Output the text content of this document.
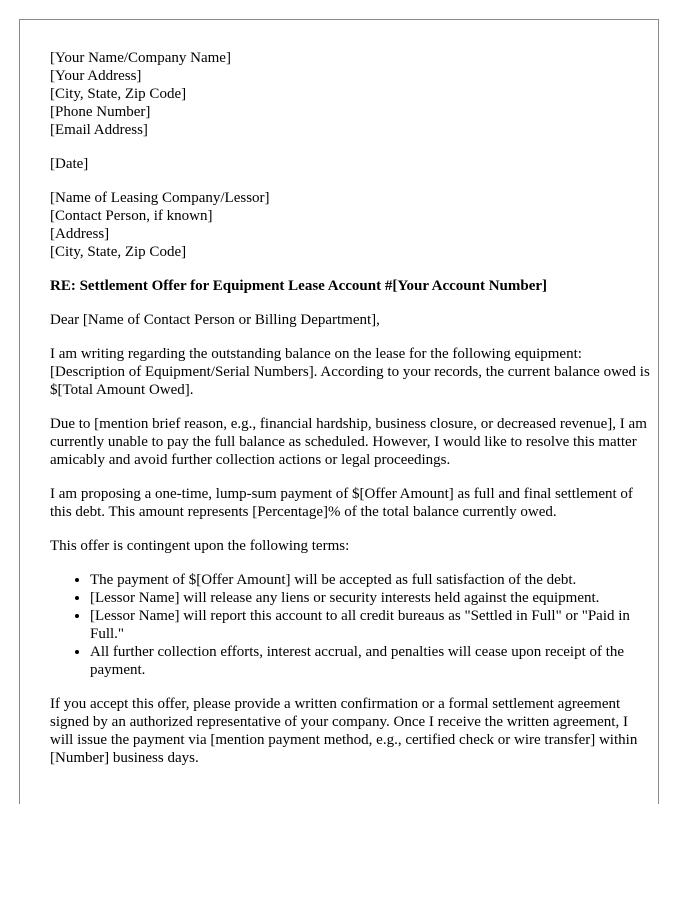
[Your Name/Company Name]
[Your Address]
[City, State, Zip Code]
[Phone Number]
[Email Address]

[Date]

[Name of Leasing Company/Lessor]
[Contact Person, if known]
[Address]
[City, State, Zip Code]

RE: Settlement Offer for Equipment Lease Account #[Your Account Number]

Dear [Name of Contact Person or Billing Department],

I am writing regarding the outstanding balance on the lease for the following equipment: [Description of Equipment/Serial Numbers]. According to your records, the current balance owed is $[Total Amount Owed].

Due to [mention brief reason, e.g., financial hardship, business closure, or decreased revenue], I am currently unable to pay the full balance as scheduled. However, I would like to resolve this matter amicably and avoid further collection actions or legal proceedings.

I am proposing a one-time, lump-sum payment of $[Offer Amount] as full and final settlement of this debt. This amount represents [Percentage]% of the total balance currently owed.

This offer is contingent upon the following terms:

• The payment of $[Offer Amount] will be accepted as full satisfaction of the debt.
• [Lessor Name] will release any liens or security interests held against the equipment.
• [Lessor Name] will report this account to all credit bureaus as "Settled in Full" or "Paid in Full."
• All further collection efforts, interest accrual, and penalties will cease upon receipt of the payment.

If you accept this offer, please provide a written confirmation or a formal settlement agreement signed by an authorized representative of your company. Once I receive the written agreement, I will issue the payment via [mention payment method, e.g., certified check or wire transfer] within [Number] business days.
